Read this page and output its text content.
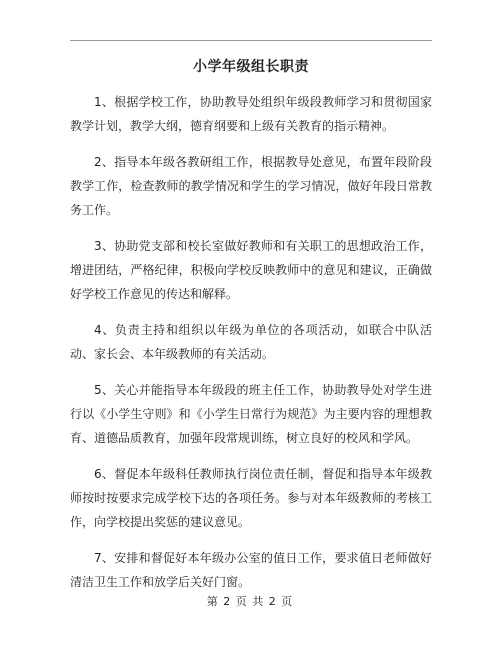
小学年级组长职责

1、根据学校工作，协助教导处组织年级段教师学习和贯彻国家教学计划，教学大纲，德育纲要和上级有关教育的指示精神。

2、指导本年级各教研组工作，根据教导处意见，布置年段阶段教学工作，检查教师的教学情况和学生的学习情况，做好年段日常教务工作。

3、协助党支部和校长室做好教师和有关职工的思想政治工作，增进团结，严格纪律，积极向学校反映教师中的意见和建议，正确做好学校工作意见的传达和解释。

4、负责主持和组织以年级为单位的各项活动，如联合中队活动、家长会、本年级教师的有关活动。

5、关心并能指导本年级段的班主任工作，协助教导处对学生进行以《小学生守则》和《小学生日常行为规范》为主要内容的理想教育、道德品质教育，加强年段常规训练，树立良好的校风和学风。

6、督促本年级科任教师执行岗位责任制，督促和指导本年级教师按时按要求完成学校下达的各项任务。参与对本年级教师的考核工作，向学校提出奖惩的建议意见。

7、安排和督促好本年级办公室的值日工作，要求值日老师做好清洁卫生工作和放学后关好门窗。

第 2 页 共 2 页
